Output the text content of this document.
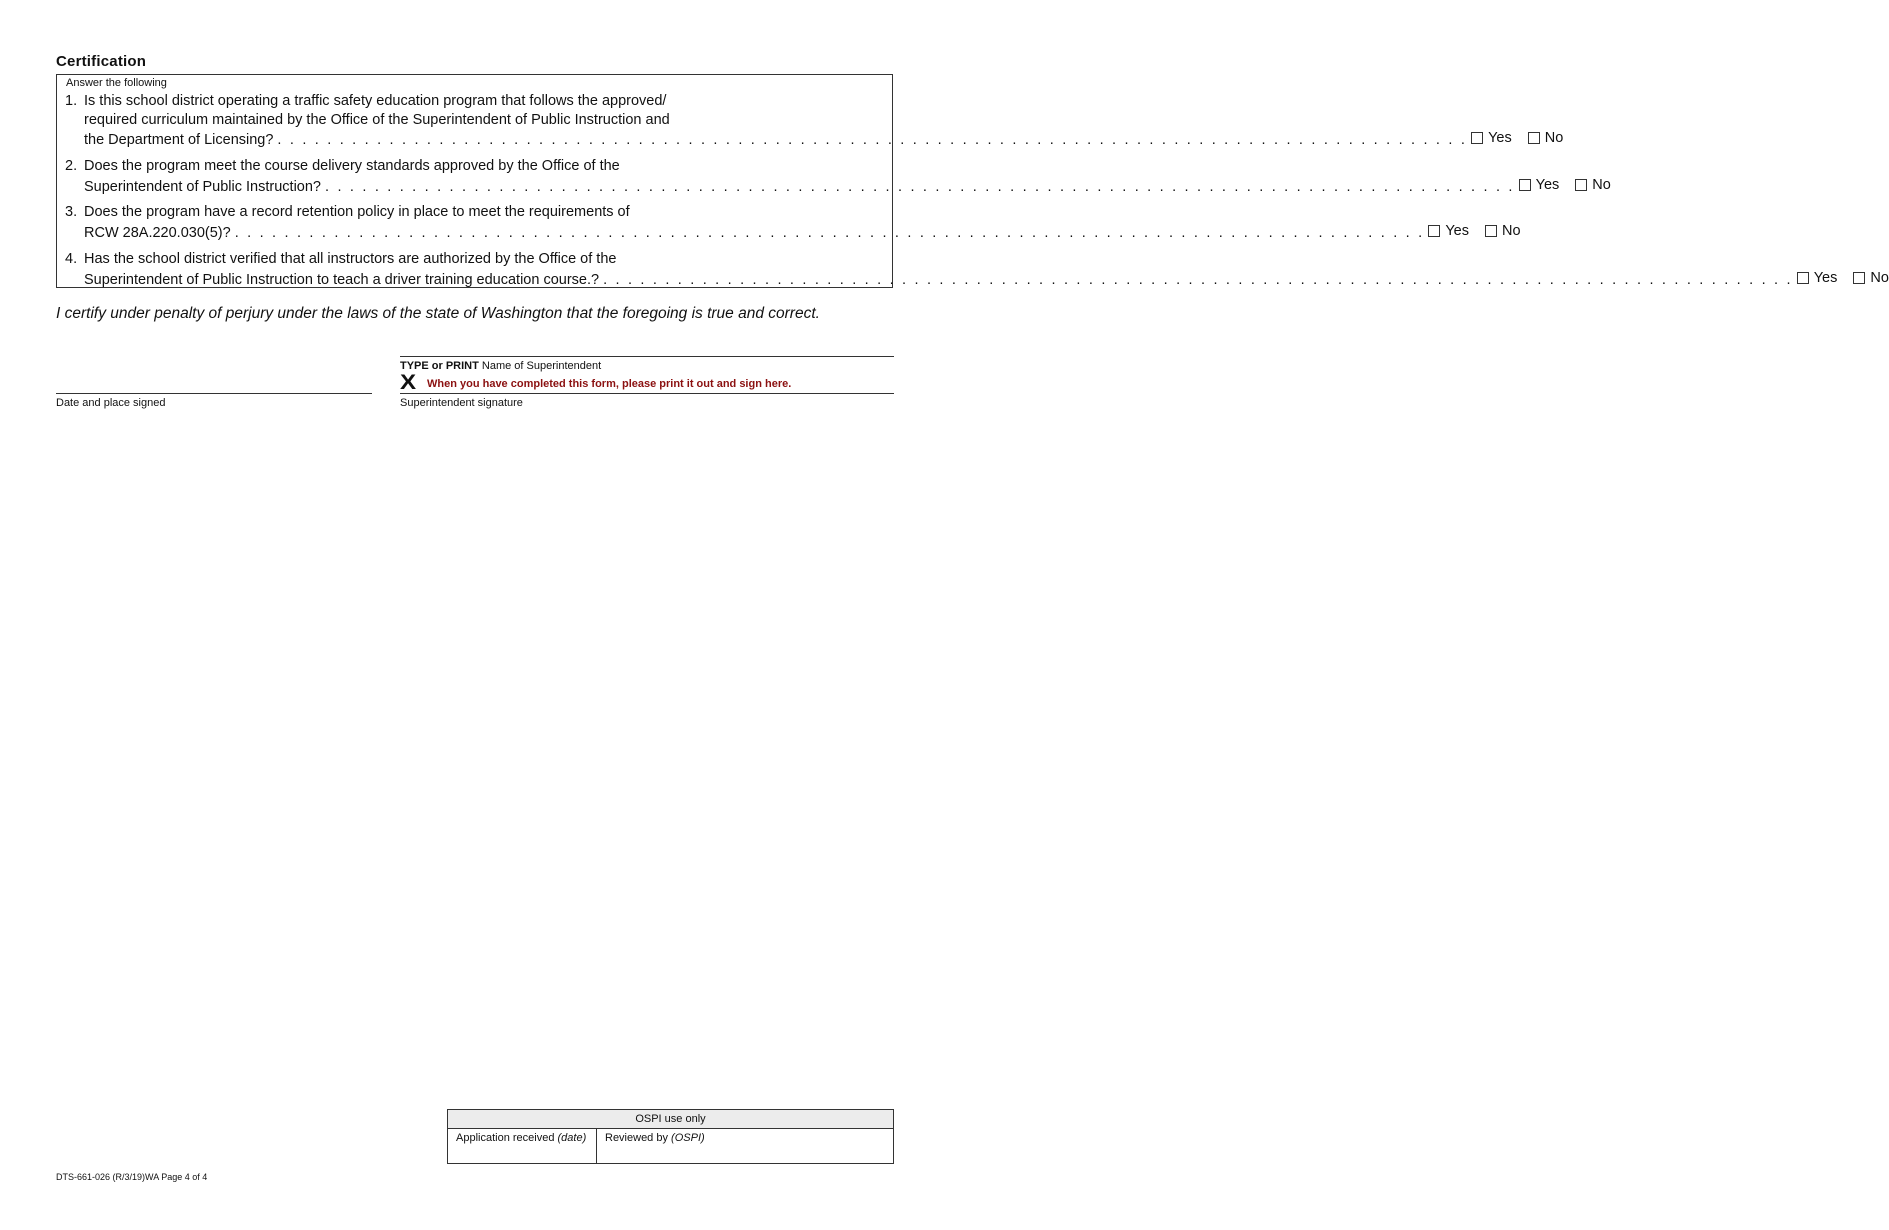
Certification
Answer the following
1. Is this school district operating a traffic safety education program that follows the approved/
required curriculum maintained by the Office of the Superintendent of Public Instruction and
the Department of Licensing? . . . . . . . . . . . . . . . . . . . . . . . . . . . . . . . . . . . . . . . . . . . . . . . . . . . . . . . . . . . . . . . . . . . . . . . . . . . . . . . . . . . . . . . . . . . . . . . . Yes No
2. Does the program meet the course delivery standards approved by the Office of the
Superintendent of Public Instruction? . . . . . . . . . . . . . . . . . . . . . . . . . . . . . . . . . . . . . . . . . . . . . . . . . . . . . . . . . . . . . . . . . . . . . . . . . . . . . . . . . . . . . . . . . . . . . . . . Yes No
3. Does the program have a record retention policy in place to meet the requirements of
RCW 28A.220.030(5)? . . . . . . . . . . . . . . . . . . . . . . . . . . . . . . . . . . . . . . . . . . . . . . . . . . . . . . . . . . . . . . . . . . . . . . . . . . . . . . . . . . . . . . . . . . . . . . . . Yes No
4. Has the school district verified that all instructors are authorized by the Office of the
Superintendent of Public Instruction to teach a driver training education course.? . . . . . . . . . . . . . . . . . . . . . . . . . . . . . . . . . . . . . . . . . . . . . . . . . . . . . . . . . . . . . . . . . . . . . . . . . . . . . . . . . . . . . . . . . . . . . . . . Yes No
I certify under penalty of perjury under the laws of the state of Washington that the foregoing is true and correct.
TYPE or PRINT Name of Superintendent
X When you have completed this form, please print it out and sign here.
Date and place signed	Superintendent signature
OSPI use only
Application received (date)	Reviewed by (OSPI)
DTS-661-026 (R/3/19)WA Page 4 of 4
